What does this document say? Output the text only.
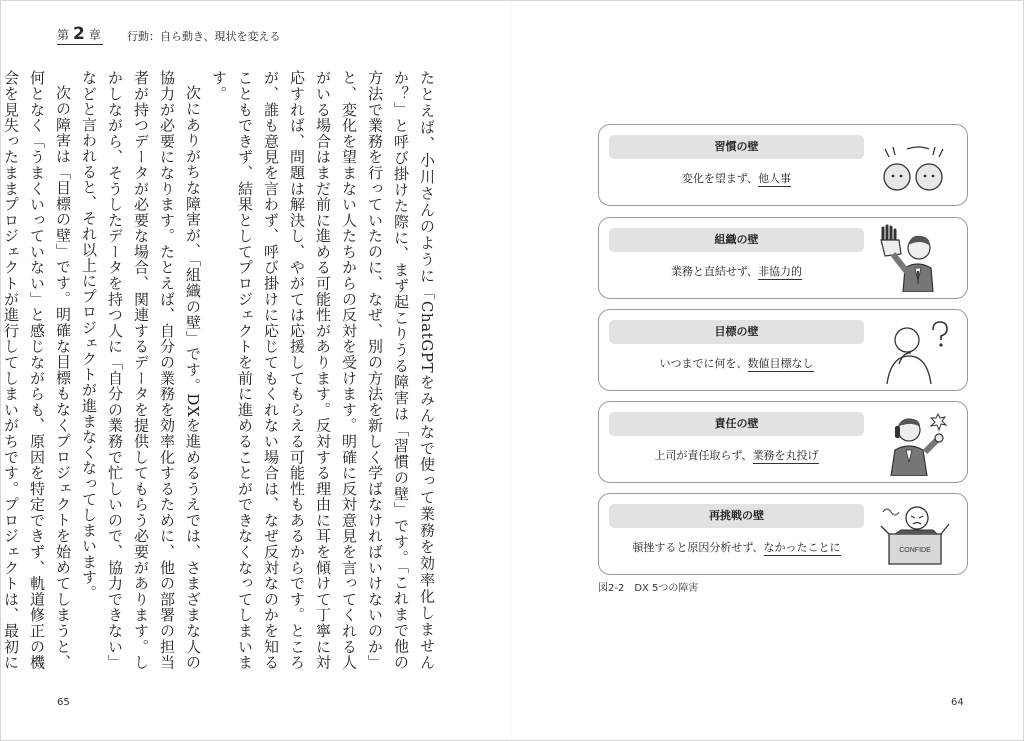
第 2 章 行動：自ら動き、現状を変える

たとえば、小川さんのように「ChatGPTをみんなで使って業務を効率化しませんか？」と呼び掛けた際に、まず起こりうる障害は「習慣の壁」です。「これまで他の方法で業務を行っていたのに、なぜ、別の方法を新しく学ばなければいけないのか」と、変化を望まない人たちからの反対を受けます。明確に反対意見を言ってくれる人がいる場合はまだ前に進める可能性があります。反対する理由に耳を傾けて丁寧に対応すれば、問題は解決し、やがては応援してもらえる可能性もあるからです。ところが、誰も意見を言わず、呼び掛けに応じてもくれない場合は、なぜ反対なのかを知ることもできず、結果としてプロジェクトを前に進めることができなくなってしまいます。

次にありがちな障害が、「組織の壁」です。DXを進めるうえでは、さまざまな人の協力が必要になります。たとえば、自分の業務を効率化するために、他の部署の担当者が持つデータが必要な場合、関連するデータを提供してもらう必要があります。しかしながら、そうしたデータを持つ人に「自分の業務で忙しいので、協力できない」などと言われると、それ以上にプロジェクトが進まなくなってしまいます。

次の障害は「目標の壁」です。明確な目標もなくプロジェクトを始めてしまうと、何となく「うまくいっていない」と感じながらも、原因を特定できず、軌道修正の機会を見失ったままプロジェクトが進行してしまいがちです。プロジェクトは、最初に

習慣の壁
変化を望まず、他人事
組織の壁
業務と直結せず、非協力的
目標の壁
いつまでに何を、数値目標なし
責任の壁
上司が責任取らず、業務を丸投げ
再挑戦の壁
頓挫すると原因分析せず、なかったことに	CONFIDE
図2-2　DX 5つの障害
65	64
